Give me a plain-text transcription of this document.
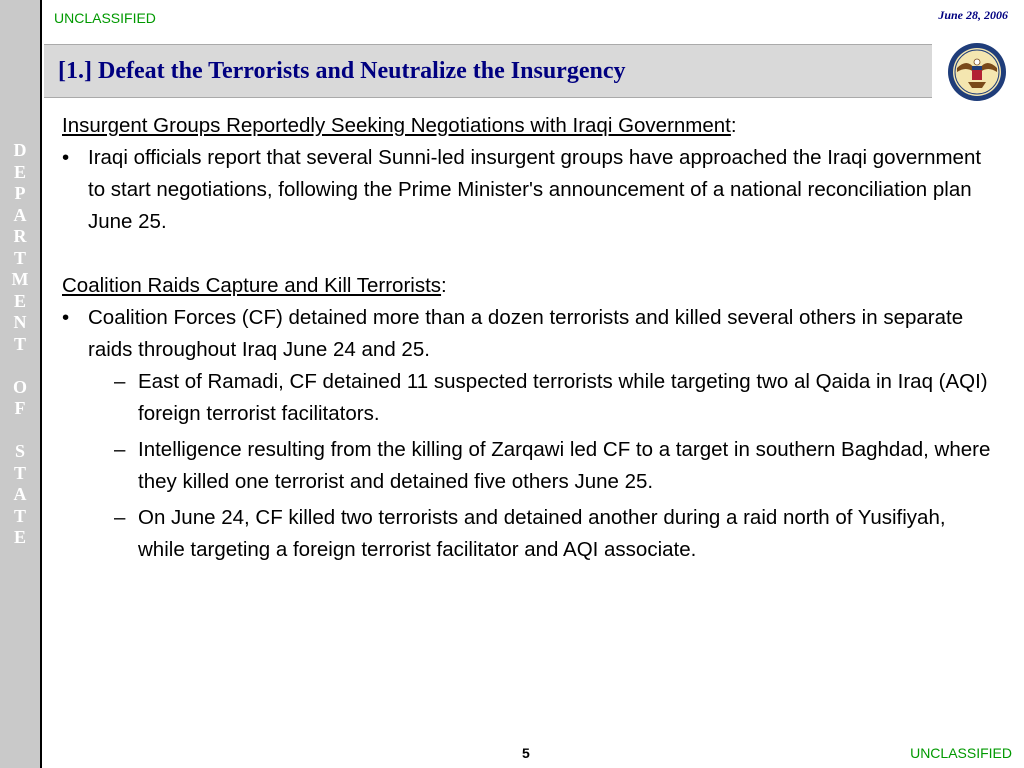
D
E
P
A
R
T
M
E
N
T

O
F

S
T
A
T
E
UNCLASSIFIED	June 28, 2006
[1.] Defeat the Terrorists and Neutralize the Insurgency

Insurgent Groups Reportedly Seeking Negotiations with Iraqi Government:

• Iraqi officials report that several Sunni-led insurgent groups have approached the Iraqi government to start negotiations, following the Prime Minister's announcement of a national reconciliation plan June 25.

Coalition Raids Capture and Kill Terrorists:

• Coalition Forces (CF) detained more than a dozen terrorists and killed several others in separate raids throughout Iraq June 24 and 25.

– East of Ramadi, CF detained 11 suspected terrorists while targeting two al Qaida in Iraq (AQI) foreign terrorist facilitators.

– Intelligence resulting from the killing of Zarqawi led CF to a target in southern Baghdad, where they killed one terrorist and detained five others June 25.

– On June 24, CF killed two terrorists and detained another during a raid north of Yusifiyah, while targeting a foreign terrorist facilitator and AQI associate.

5	UNCLASSIFIED
